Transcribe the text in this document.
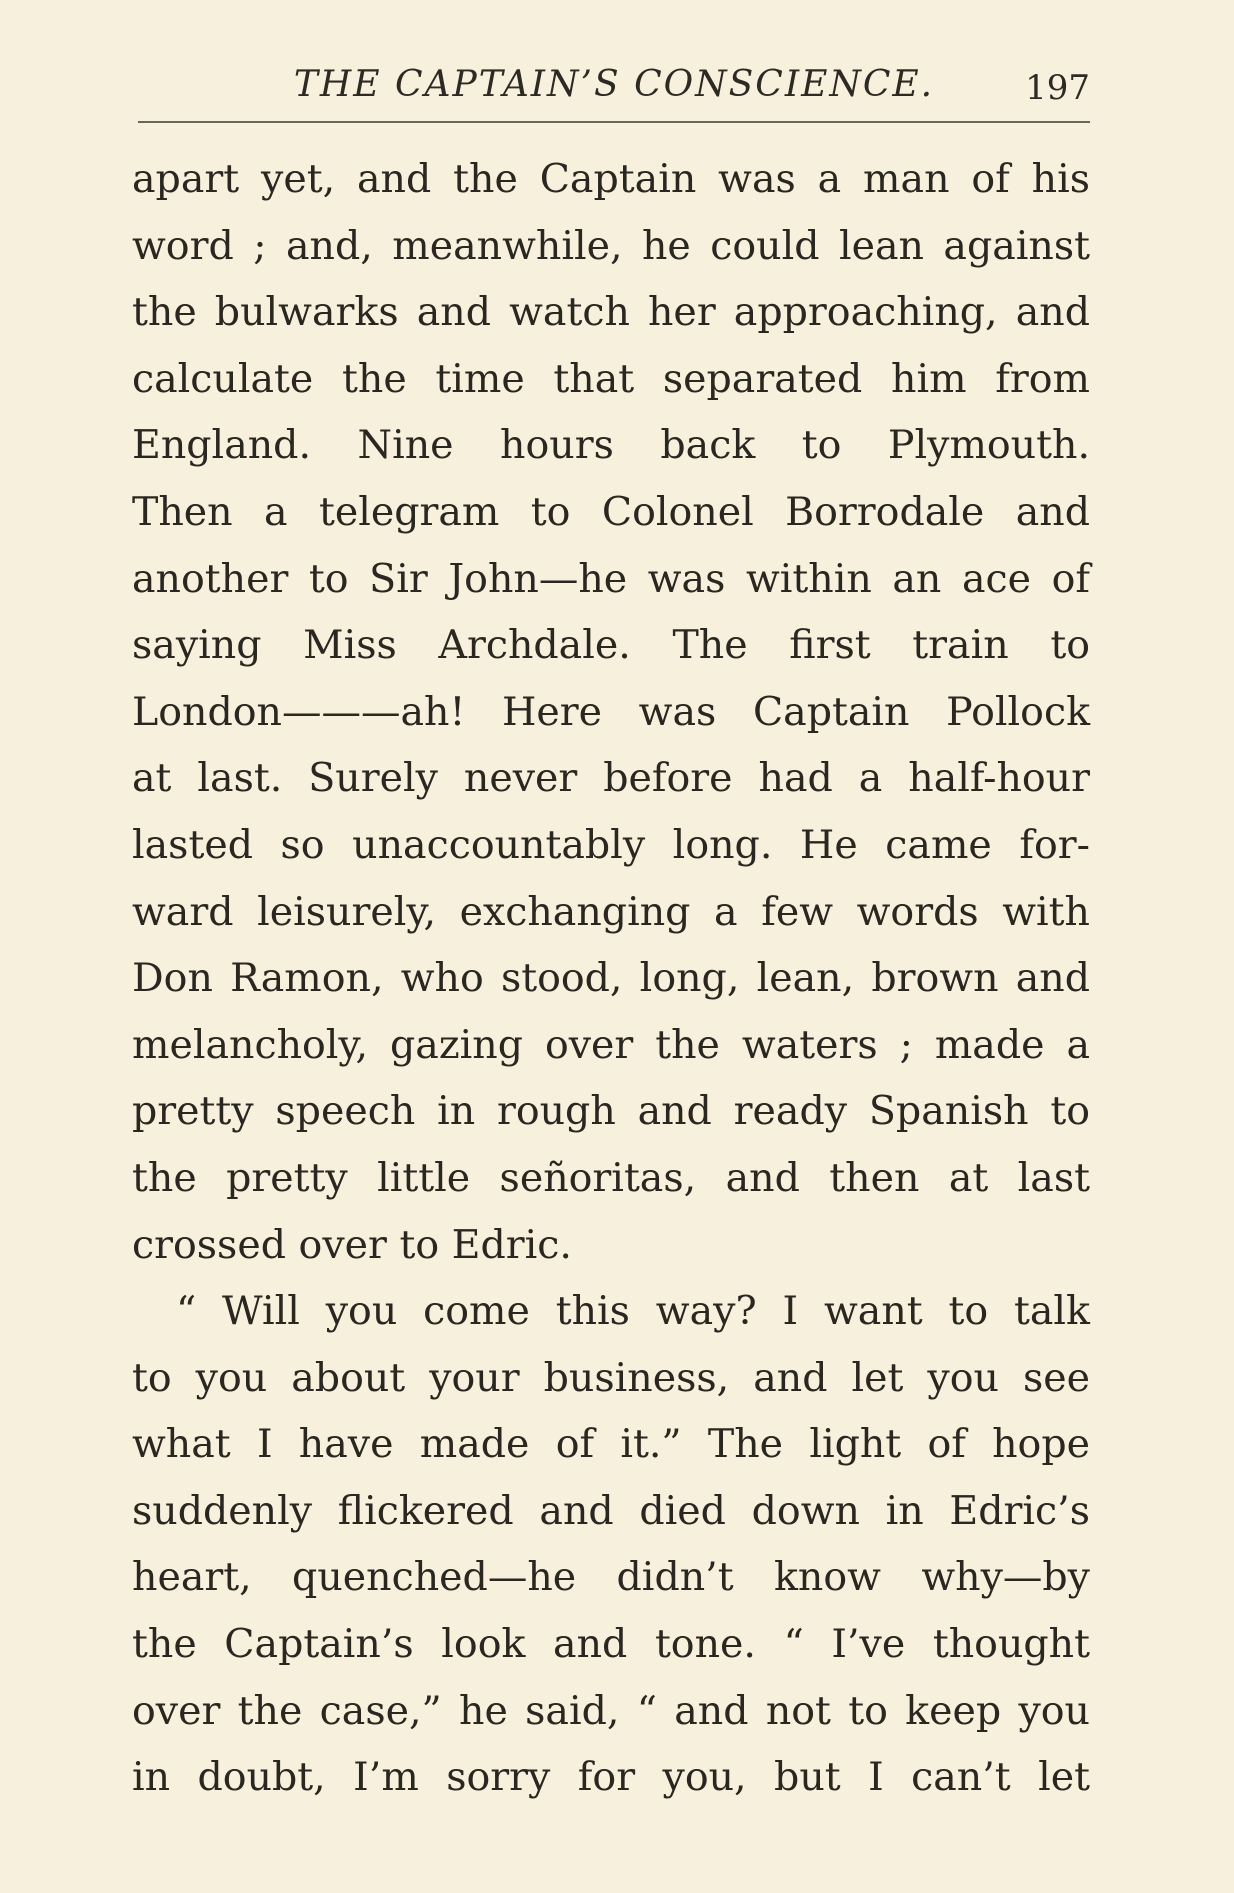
THE CAPTAIN’S CONSCIENCE.	197
apart yet, and the Captain was a man of his
word ; and, meanwhile, he could lean against
the bulwarks and watch her approaching, and
calculate the time that separated him from
England. Nine hours back to Plymouth.
Then a telegram to Colonel Borrodale and
another to Sir John—he was within an ace of
saying Miss Archdale. The first train to
London———ah! Here was Captain Pollock
at last. Surely never before had a half-hour
lasted so unaccountably long. He came for-
ward leisurely, exchanging a few words with
Don Ramon, who stood, long, lean, brown and
melancholy, gazing over the waters ; made a
pretty speech in rough and ready Spanish to
the pretty little señoritas, and then at last
crossed over to Edric.
“ Will you come this way? I want to talk
to you about your business, and let you see
what I have made of it.” The light of hope
suddenly flickered and died down in Edric’s
heart, quenched—he didn’t know why—by
the Captain’s look and tone. “ I’ve thought
over the case,” he said, “ and not to keep you
in doubt, I’m sorry for you, but I can’t let
